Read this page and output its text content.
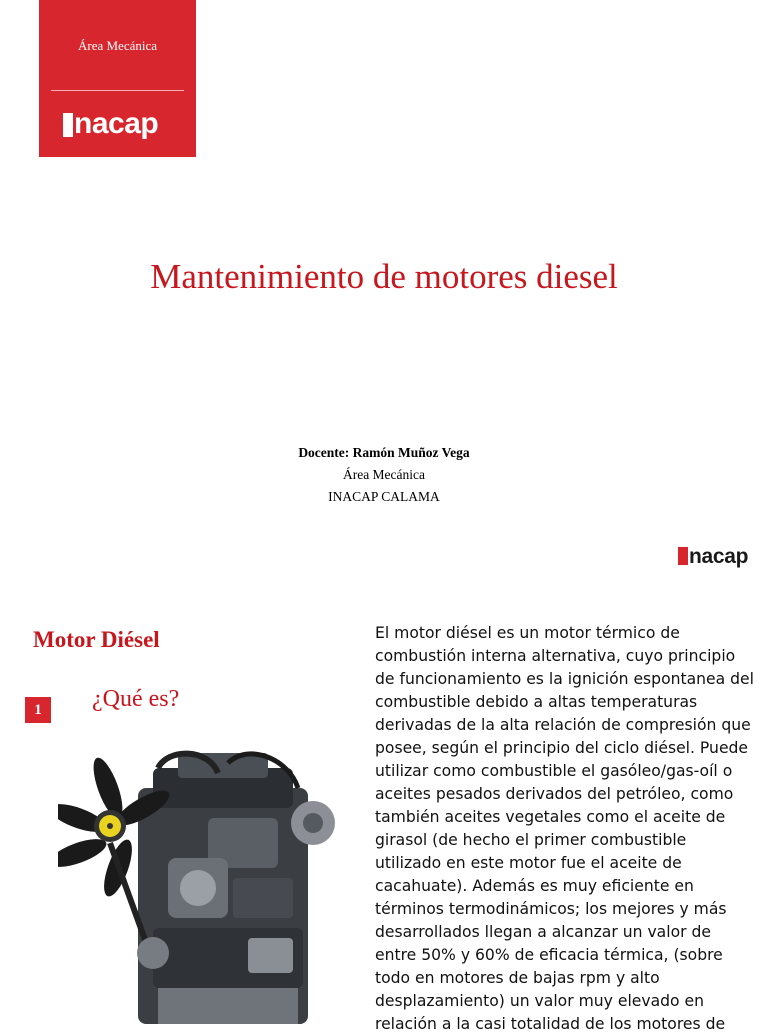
Área Mecánica
nacap
Mantenimiento de motores diesel
Docente: Ramón Muñoz Vega
Área Mecánica
INACAP CALAMA
nacap
Motor Diésel
1	¿Qué es?
El motor diésel es un motor térmico de combustión interna alternativa, cuyo principio de funcionamiento es la ignición espontanea del combustible debido a altas temperaturas derivadas de la alta relación de compresión que posee, según el principio del ciclo diésel. Puede utilizar como combustible el gasóleo/gas-oíl o aceites pesados derivados del petróleo, como también aceites vegetales como el aceite de girasol (de hecho el primer combustible utilizado en este motor fue el aceite de cacahuate). Además es muy eficiente en términos termodinámicos; los mejores y más desarrollados llegan a alcanzar un valor de entre 50% y 60% de eficacia térmica, (sobre todo en motores de bajas rpm y alto desplazamiento) un valor muy elevado en relación a la casi totalidad de los motores de
